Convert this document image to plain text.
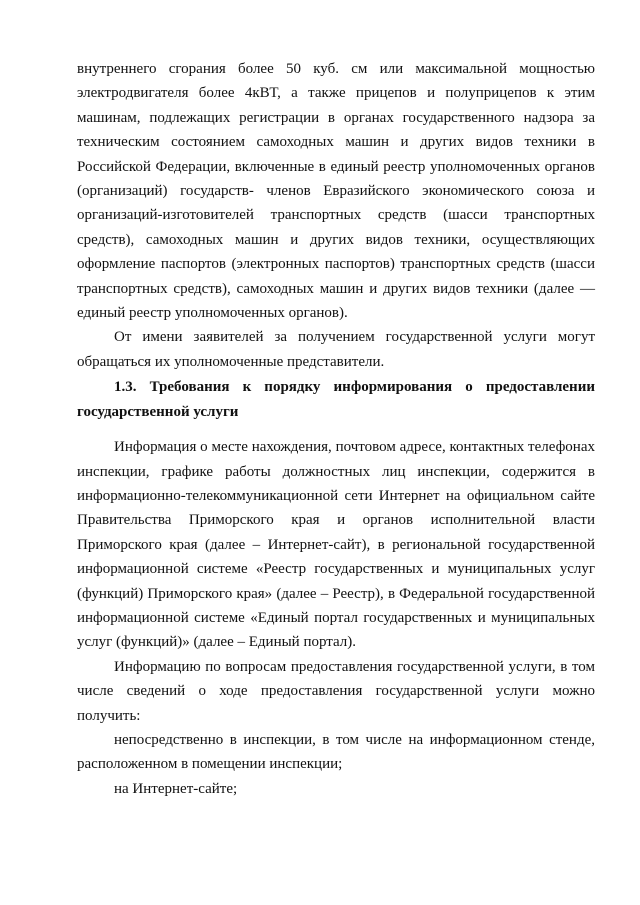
внутреннего сгорания более 50 куб. см или максимальной мощностью электродвигателя более 4кВТ, а также прицепов и полуприцепов к этим машинам, подлежащих регистрации в органах государственного надзора за техническим состоянием самоходных машин и других видов техники в Российской Федерации, включенные в единый реестр уполномоченных органов (организаций) государств- членов Евразийского экономического союза и организаций-изготовителей транспортных средств (шасси транспортных средств), самоходных машин и других видов техники, осуществляющих оформление паспортов (электронных паспортов) транспортных средств (шасси транспортных средств), самоходных машин и других видов техники (далее — единый реестр уполномоченных органов).

От имени заявителей за получением государственной услуги могут обращаться их уполномоченные представители.

1.3. Требования к порядку информирования о предоставлении государственной услуги

Информация о месте нахождения, почтовом адресе, контактных телефонах инспекции, графике работы должностных лиц инспекции, содержится в информационно-телекоммуникационной сети Интернет на официальном сайте Правительства Приморского края и органов исполнительной власти Приморского края (далее – Интернет-сайт), в региональной государственной информационной системе «Реестр государственных и муниципальных услуг (функций) Приморского края» (далее – Реестр), в Федеральной государственной информационной системе «Единый портал государственных и муниципальных услуг (функций)» (далее – Единый портал).

Информацию по вопросам предоставления государственной услуги, в том числе сведений о ходе предоставления государственной услуги можно получить:

непосредственно в инспекции, в том числе на информационном стенде, расположенном в помещении инспекции;

на Интернет-сайте;
